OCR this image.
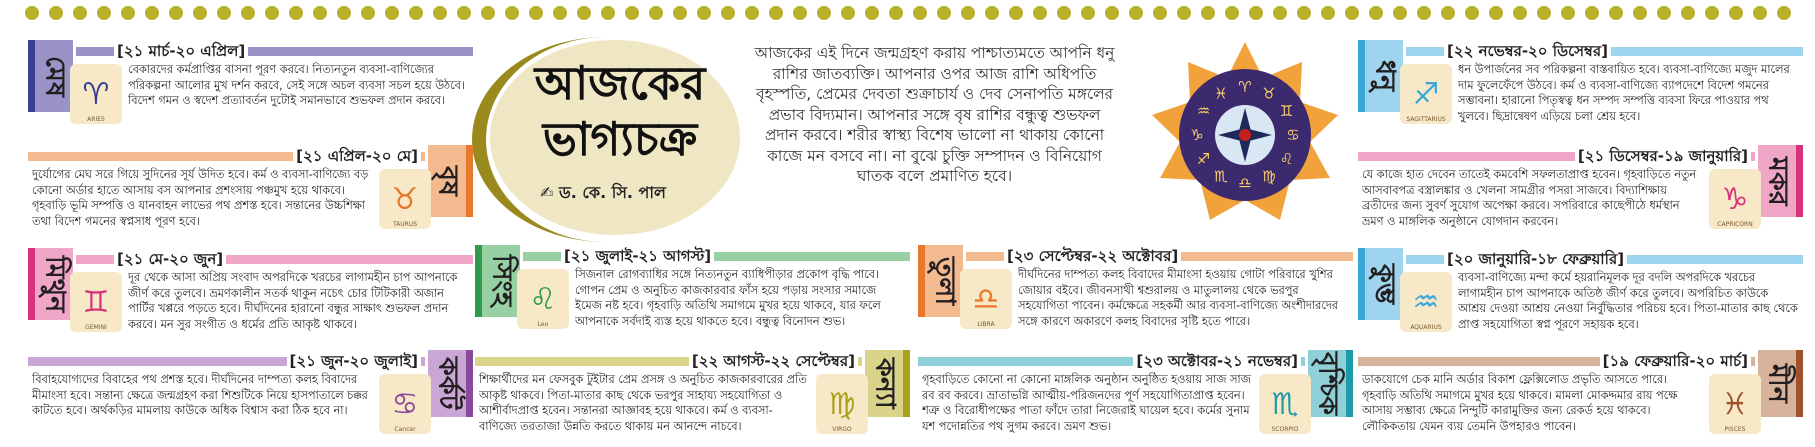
আজকের ভাগ্যচক্র
✍ ড. কে. সি. পাল
আজকের এই দিনে জন্মগ্রহণ করায় পাশ্চাত্যমতে আপনি ধনু রাশির জাতব্যক্তি। আপনার ওপর আজ রাশি অধিপতি বৃহস্পতি, প্রেমের দেবতা শুক্রাচার্য ও দেব সেনাপতি মঙ্গলের প্রভাব বিদ্যমান। আপনার সঙ্গে বৃষ রাশির বন্ধুত্ব শুভফল প্রদান করবে। শরীর স্বাস্থ্য বিশেষ ভালো না থাকায় কোনো কাজে মন বসবে না। না বুঝে চুক্তি সম্পাদন ও বিনিয়োগ ঘাতক বলে প্রমাণিত হবে।
♈ ♉
♊
♋
♌
♍
♎
♏
♐
♑
♒
♓
মেষ
[২১ মার্চ-২০ এপ্রিল]
♈
ARIES
বেকারদের কর্মপ্রাপ্তির বাসনা পূরণ করবে। নিত্যনতুন ব্যবসা-বাণিজ্যের পরিকল্পনা আলোর মুখ দর্শন করবে, সেই সঙ্গে অচল ব্যবসা সচল হয়ে উঠবে। বিদেশ গমন ও স্বদেশ প্রত্যাবর্তন দুটোই সমানভাবে শুভফল প্রদান করবে।
বৃষ
[২১ এপ্রিল-২০ মে]
♉
TAURUS
দুর্যোগের মেঘ সরে গিয়ে সুদিনের সূর্য উদিত হবে। কর্ম ও ব্যবসা-বাণিজ্যে বড় কোনো অর্ডার হাতে আসায় বস আপনার প্রশংসায় পঞ্চমুখ হয়ে থাকবে। গৃহবাড়ি ভূমি সম্পত্তি ও যানবাহন লাভের পথ প্রশস্ত হবে। সন্তানের উচ্চশিক্ষা তথা বিদেশ গমনের স্বপ্নসাধ পূরণ হবে।
মিথুন	[২১ মে-২০ জুন]
♊
GEMINI
দূর থেকে আসা অপ্রিয় সংবাদ অপরদিকে খরচের লাগামহীন চাপ আপনাকে জীর্ণ করে তুলবে। ভ্রমণকালীন সতর্ক থাকুন নচেৎ চোর টিটিকারী অজান পার্টির খপ্পরে পড়তে হবে। দীর্ঘদিনের হারানো বন্ধুর সাক্ষাৎ শুভফল প্রদান করবে। মন সুর সংগীত ও ধর্মের প্রতি আকৃষ্ট থাকবে।
কর্কট
[২১ জুন-২০ জুলাই]
♋
Cancer
বিবাহযোগ্যদের বিবাহের পথ প্রশস্ত হবে। দীর্ঘদিনের দাম্পত্য কলহ বিবাদের মীমাংসা হবে। সন্তান্য ক্ষেত্রে জন্মগ্রহণ করা শিশুটিকে নিয়ে হাসপাতালে চক্কর কাটতে হবে। অর্থকড়ির মামলায় কাউকে অধিক বিশ্বাস করা ঠিক হবে না।
সিংহ	[২১ জুলাই-২১ আগস্ট]
♌
Leo
সিজনাল রোগব্যাধির সঙ্গে নিত্যনতুন ব্যাধিপীড়ার প্রকোপ বৃদ্ধি পাবে। গোপন প্রেম ও অনুচিত কাজকারবার ফাঁস হয়ে পড়ায় সংসার সমাজে ইমেজ নষ্ট হবে। গৃহবাড়ি অতিথি সমাগমে মুখর হয়ে থাকবে, যার ফলে আপনাকে সর্বদাই ব্যস্ত হয়ে থাকতে হবে। বন্ধুত্ব বিনোদন শুভ।
কন্যা
[২২ আগস্ট-২২ সেপ্টেম্বর]
♍
VIRGO
শিক্ষার্থীদের মন ফেসবুক টুইটার প্রেম প্রসঙ্গ ও অনুচিত কাজকারবারের প্রতি আকৃষ্ট থাকবে। পিতা-মাতার কাছ থেকে ভরপুর সাহায্য সহযোগিতা ও আশীর্বাদপ্রাপ্ত হবেন। সন্তানরা আজ্ঞাবহ হয়ে থাকবে। কর্ম ও ব্যবসা-বাণিজ্যে তরতাজা উন্নতি করতে থাকায় মন আনন্দে নাচবে।
তুলা
[২৩ সেপ্টেম্বর-২২ অক্টোবর]
♎
LIBRA
দীর্ঘদিনের দাম্পত্য কলহ বিবাদের মীমাংসা হওয়ায় গোটা পরিবারে খুশির জোয়ার বইবে। জীবনসাথী শ্বশুরালয় ও মাতুলালয় থেকে ভরপুর সহযোগিতা পাবেন। কর্মক্ষেত্রে সহকর্মী আর ব্যবসা-বাণিজ্যে অংশীদারদের সঙ্গে কারণে অকারণে কলহ বিবাদের সৃষ্টি হতে পারে।
বৃশ্চিক
[২৩ অক্টোবর-২১ নভেম্বর]
♏
SCORPIO
গৃহবাড়িতে কোনো না কোনো মাঙ্গলিক অনুষ্ঠান অনুষ্ঠিত হওয়ায় সাজ সাজ রব রব করবে। ভ্রাতাভগ্নি আত্মীয়-পরিজনদের পূর্ণ সহযোগিতাপ্রাপ্ত হবেন। শত্রু ও বিরোধীপক্ষের পাতা ফাঁদে তারা নিজেরাই ঘায়েল হবে। কর্মের সুনাম যশ পদোন্নতির পথ সুগম করবে। ভ্রমণ শুভ।
ধনু
[২২ নভেম্বর-২০ ডিসেম্বর]
♐
SAGITTARIUS
ধন উপার্জনের সব পরিকল্পনা বাস্তবায়িত হবে। ব্যবসা-বাণিজ্যে মজুদ মালের দাম ফুলেফেঁপে উঠবে। কর্ম ও ব্যবসা-বাণিজ্যে ব্যাপদেশে বিদেশ গমনের সম্ভাবনা। হারানো পিতৃস্বত্ব ধন সম্পদ সম্পত্তি ব্যবসা ফিরে পাওয়ার পথ খুলবে। ছিদ্রান্বেষণ এড়িয়ে চলা শ্রেয় হবে।
মকর
[২১ ডিসেম্বর-১৯ জানুয়ারি]
♑
CAPRICORN
যে কাজে হাত দেবেন তাতেই কমবেশি সফলতাপ্রাপ্ত হবেন। গৃহবাড়িতে নতুন আসবাবপত্র বস্ত্রালঙ্কার ও খেলনা সামগ্রীর পসরা সাজবে। বিদ্যাশিক্ষায় ব্রতীদের জন্য সুবর্ণ সুযোগ অপেক্ষা করবে। সপরিবারে কাছেপীঠে ধর্মস্থান ভ্রমণ ও মাঙ্গলিক অনুষ্ঠানে যোগদান করবেন।
কুম্ভ
[২০ জানুয়ারি-১৮ ফেব্রুয়ারি]
♒
AQUARIUS
ব্যবসা-বাণিজ্যে মন্দা কর্মে হয়রানিমূলক দূর বদলি অপরদিকে খরচের লাগামহীন চাপ আপনাকে অতিষ্ঠ জীর্ণ করে তুলবে। অপরিচিত কাউকে আশ্রয় দেওয়া আশ্রয় নেওয়া নির্বুদ্ধিতার পরিচয় হবে। পিতা-মাতার কাছ থেকে প্রাপ্ত সহযোগিতা স্বপ্ন পূরণে সহায়ক হবে।
মীন
[১৯ ফেব্রুয়ারি-২০ মার্চ]
♓
PISCES
ডাকযোগে চেক মানি অর্ডার বিকাশ ফ্লেক্সিলোড প্রভৃতি আসতে পারে। গৃহবাড়ি অতিথি সমাগমে মুখর হয়ে থাকবে। মামলা মোকদ্দমার রায় পক্ষে আসায় সম্ভাব্য ক্ষেত্রে নিন্দুটি কারামুক্তির জন্য রেকর্ড হয়ে থাকবে। লৌকিকতায় যেমন ব্যয় তেমনি উপহারও পাবেন।
